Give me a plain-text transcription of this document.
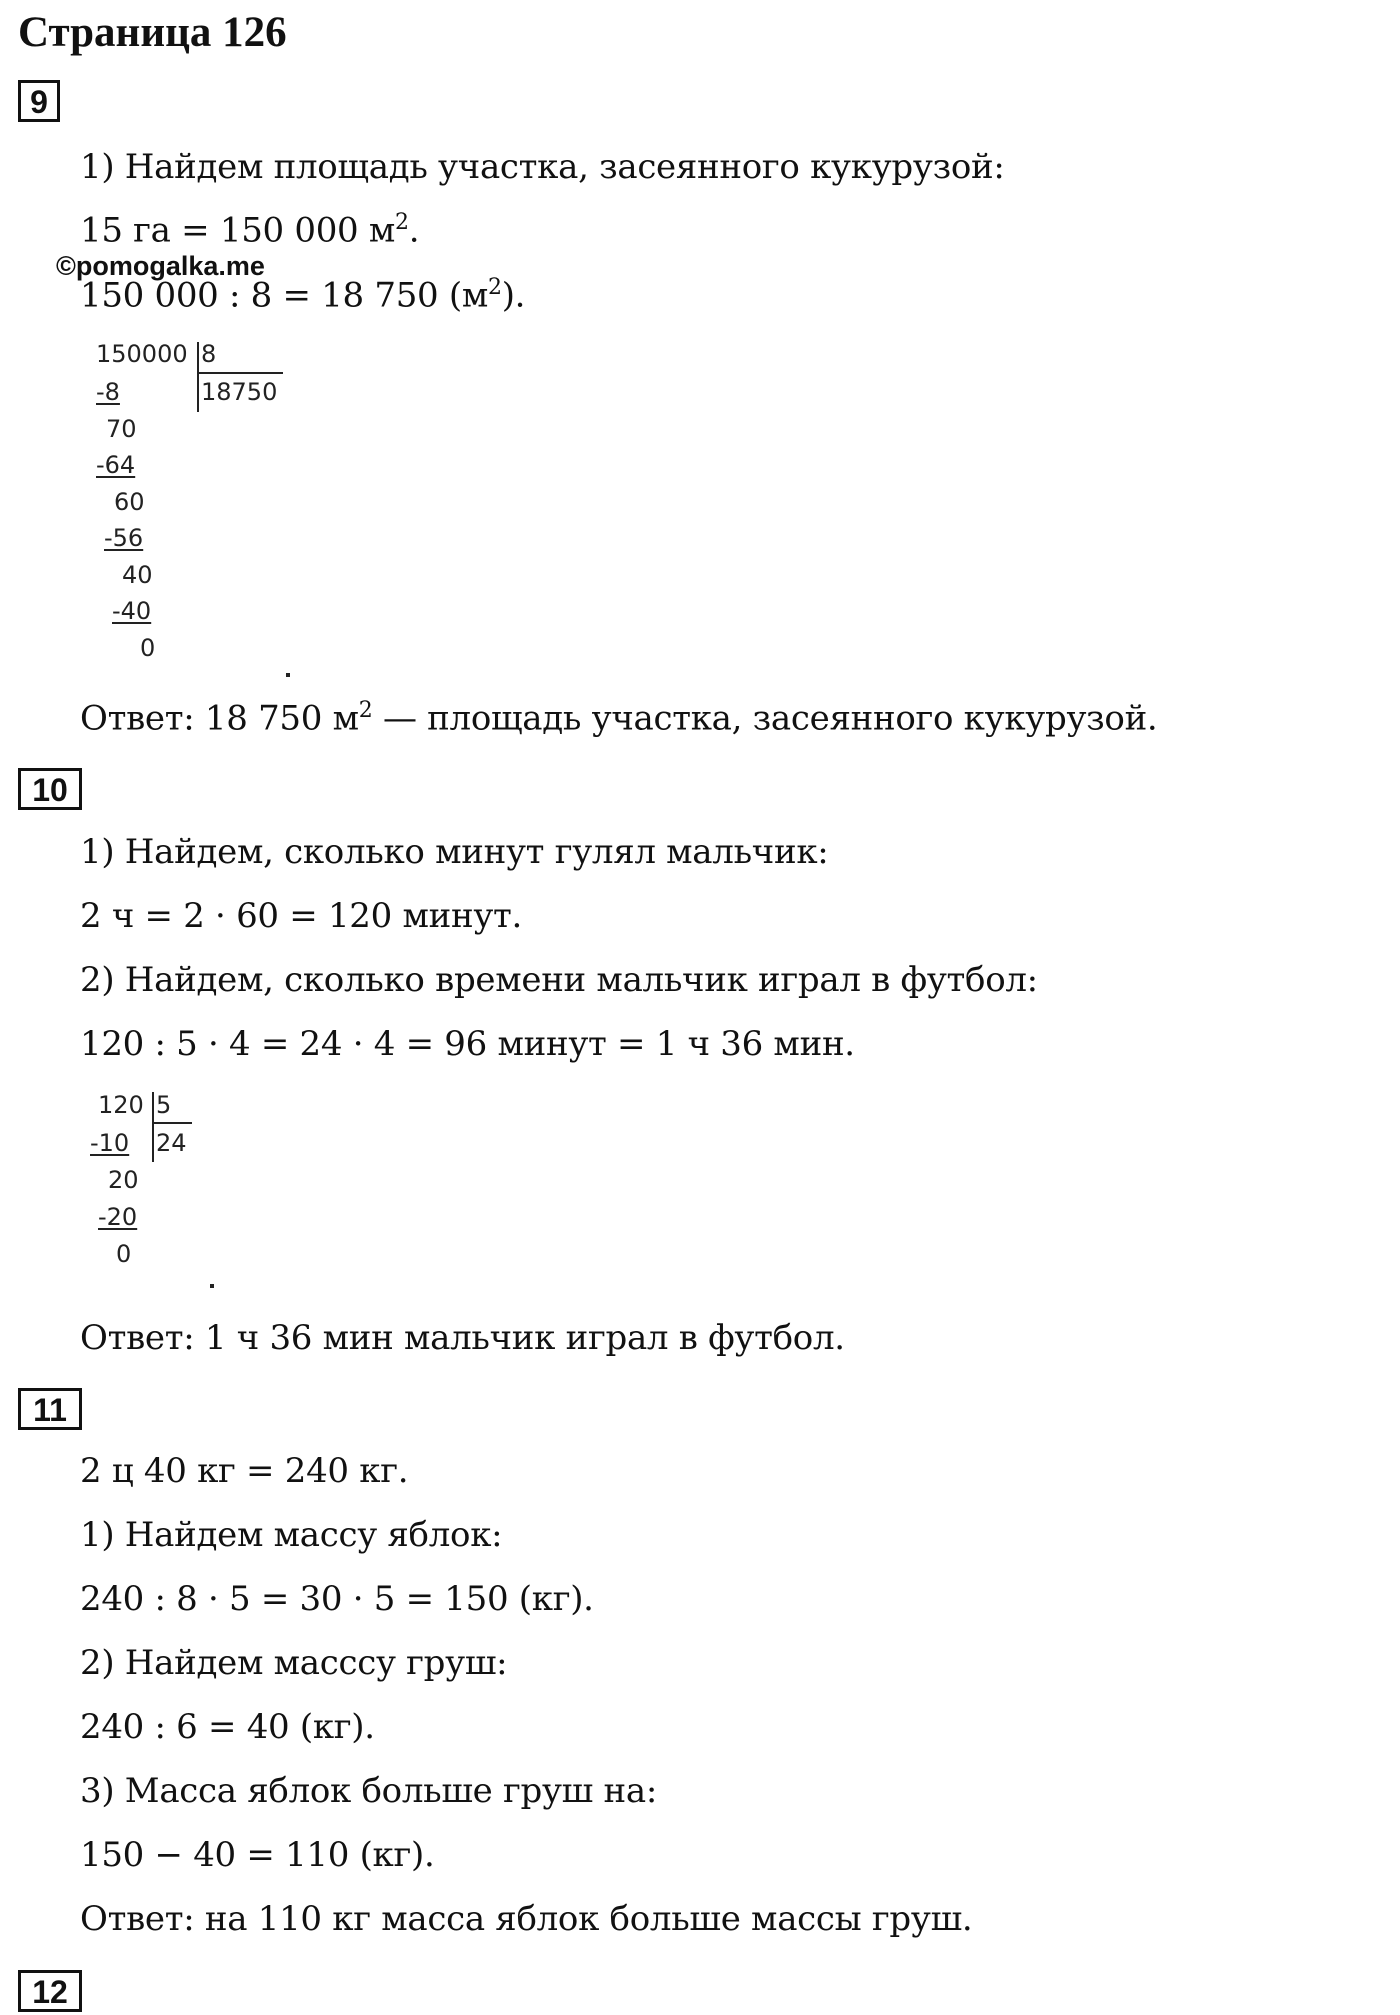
Страница 126
9
1) Найдем площадь участка, засеянного кукурузой:
15 га = 150 000 $м^2$.
©pomogalka.me
150 000 : 8 = 18 750 $(м^2)$.
150000 8
18750
-8
70
-64
60
-56
40
-40
0
Ответ: 18 750 $м^2$ — площадь участка, засеянного кукурузой.
10
1) Найдем, сколько минут гулял мальчик:
2 ч = 2 · 60 = 120 минут.
2) Найдем, сколько времени мальчик играл в футбол:
120 : 5 · 4 = 24 · 4 = 96 минут = 1 ч 36 мин.
120 5
24
-10
20
-20
0
Ответ: 1 ч 36 мин мальчик играл в футбол.
11
2 ц 40 кг = 240 кг.
1) Найдем массу яблок:
240 : 8 · 5 = 30 · 5 = 150 (кг).
2) Найдем масссу груш:
240 : 6 = 40 (кг).
3) Масса яблок больше груш на:
150 − 40 = 110 (кг).
Ответ: на 110 кг масса яблок больше массы груш.
12
